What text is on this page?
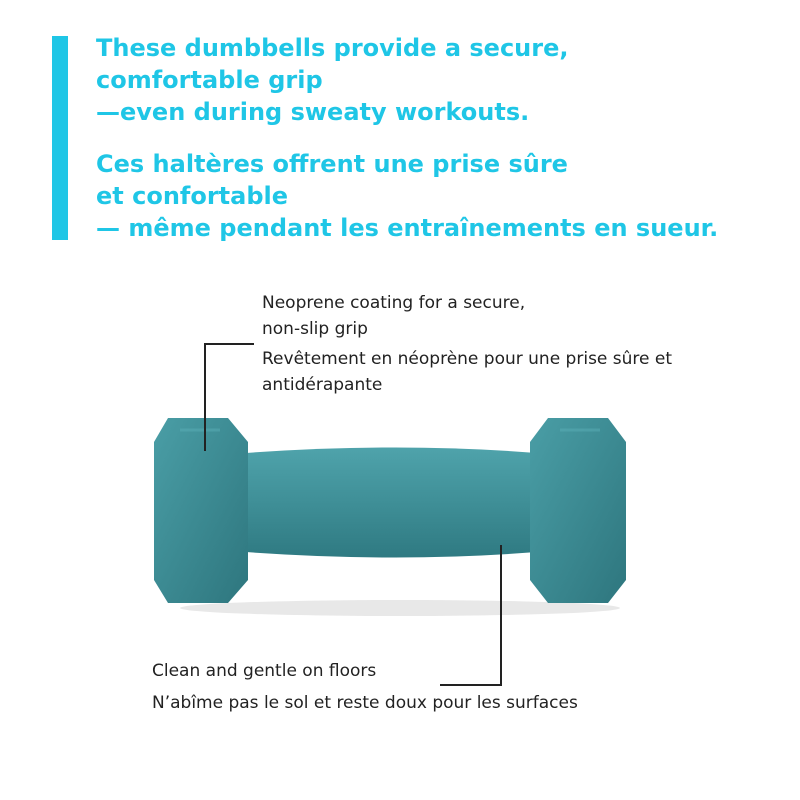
These dumbbells provide a secure,
comfortable grip
—even during sweaty workouts.
Ces haltères offrent une prise sûre
et confortable
— même pendant les entraînements en sueur.

Neoprene coating for a secure,
non-slip grip

Revêtement en néoprène pour une prise sûre et
antidérapante

Clean and gentle on floors

N’abîme pas le sol et reste doux pour les surfaces
